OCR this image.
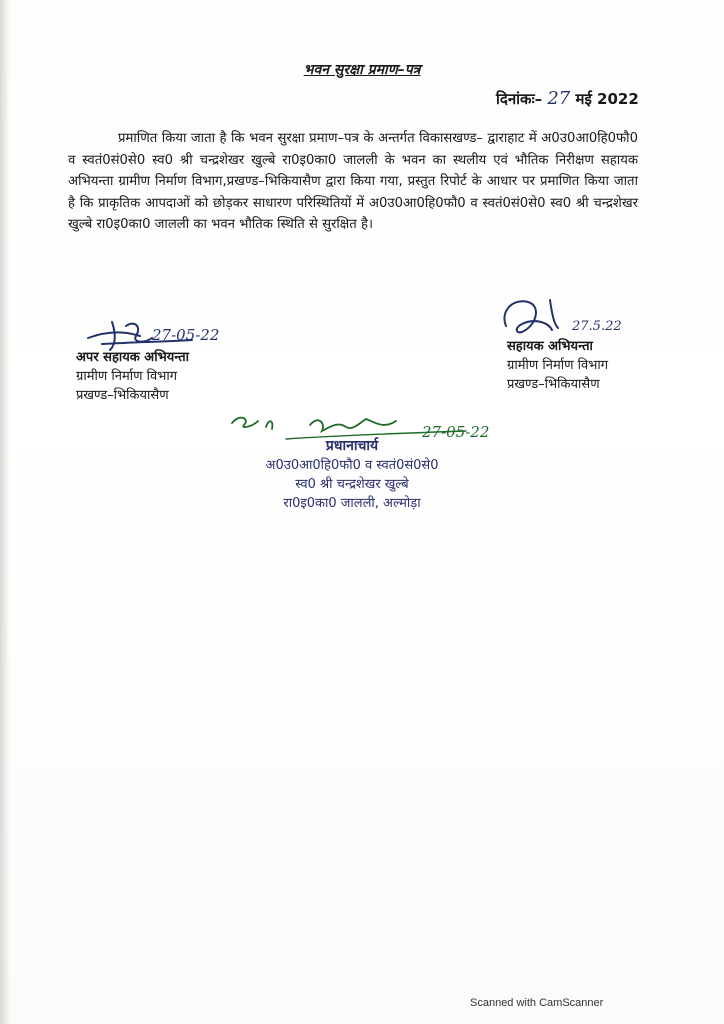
भवन सुरक्षा प्रमाण–पत्र
दिनांकः– 27 मई 2022

प्रमाणित किया जाता है कि भवन सुरक्षा प्रमाण–पत्र के अन्तर्गत विकासखण्ड– द्वाराहाट में अ0उ0आ0हि0फौ0 व स्वतं0सं0से0 स्व0 श्री चन्द्रशेखर खुल्बे रा0इ0का0 जालली के भवन का स्थलीय एवं भौतिक निरीक्षण सहायक अभियन्ता ग्रामीण निर्माण विभाग,प्रखण्ड–भिकियासैण द्वारा किया गया, प्रस्तुत रिपोर्ट के आधार पर प्रमाणित किया जाता है कि प्राकृतिक आपदाओं को छोड़कर साधारण परिस्थितियों में अ0उ0आ0हि0फौ0 व स्वतं0सं0से0 स्व0 श्री चन्द्रशेखर खुल्बे रा0इ0का0 जालली का भवन भौतिक स्थिति से सुरक्षित है।

27-05-22
अपर सहायक अभियन्ता
ग्रामीण निर्माण विभाग
प्रखण्ड–भिकियासैण
27.5.22
सहायक अभियन्ता
ग्रामीण निर्माण विभाग
प्रखण्ड–भिकियासैण
27-05-22
प्रधानाचार्य
अ0उ0आ0हि0फौ0 व स्वतं0सं0से0
स्व0 श्री चन्द्रशेखर खुल्बे
रा0इ0का0 जालली, अल्मोड़ा
Scanned with CamScanner
